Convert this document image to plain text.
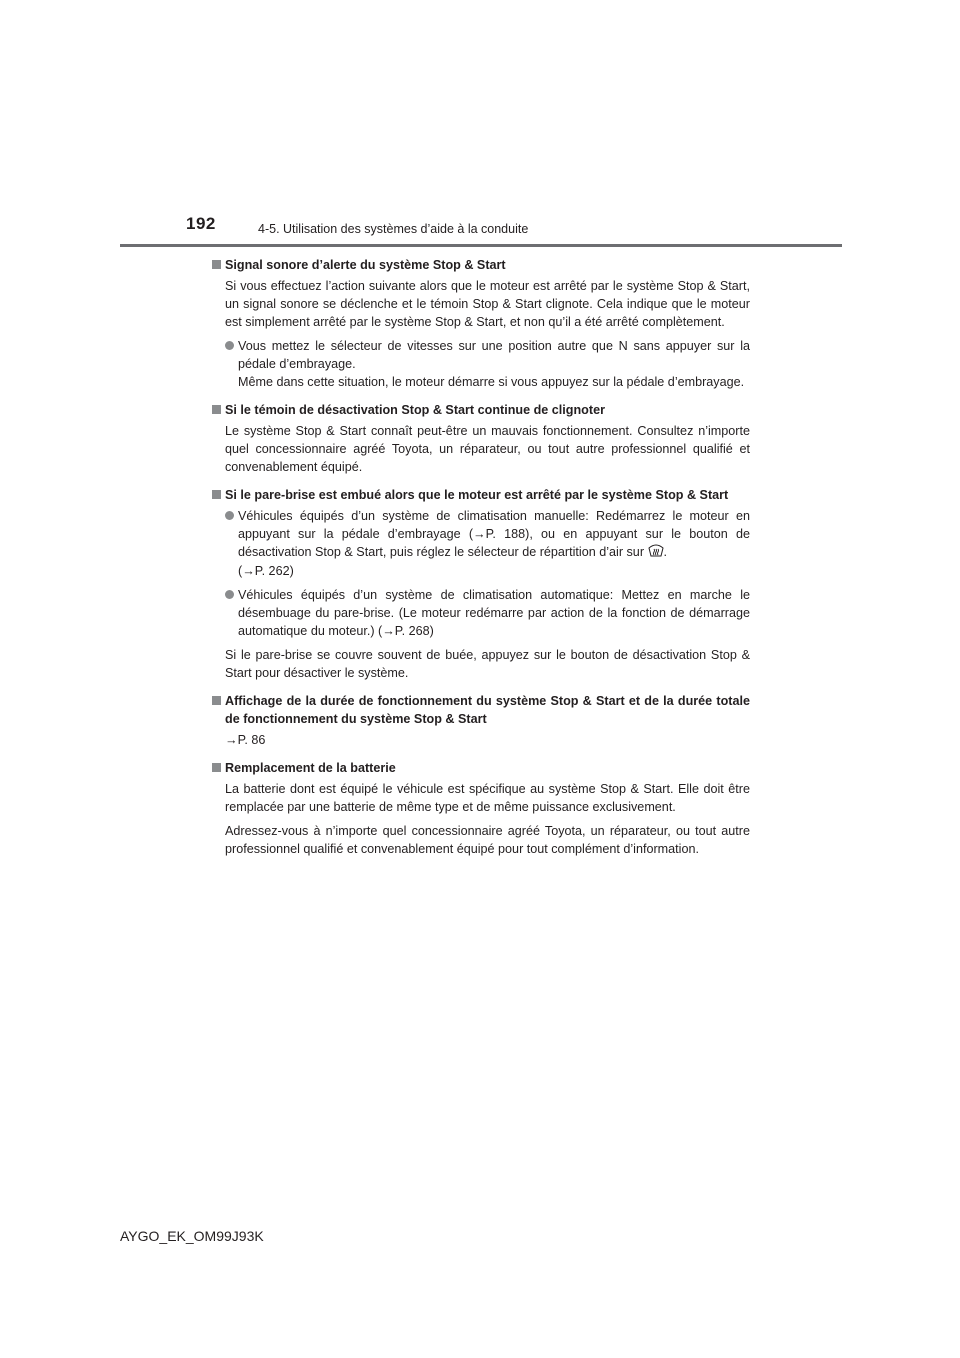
192	4-5. Utilisation des systèmes d’aide à la conduite
Signal sonore d’alerte du système Stop & Start
Si vous effectuez l’action suivante alors que le moteur est arrêté par le système Stop & Start, un signal sonore se déclenche et le témoin Stop & Start clignote. Cela indique que le moteur est simplement arrêté par le système Stop & Start, et non qu’il a été arrêté complètement.
Vous mettez le sélecteur de vitesses sur une position autre que N sans appuyer sur la pédale d’embrayage.
Même dans cette situation, le moteur démarre si vous appuyez sur la pédale d’embrayage.
Si le témoin de désactivation Stop & Start continue de clignoter
Le système Stop & Start connaît peut-être un mauvais fonctionnement. Consultez n’importe quel concessionnaire agréé Toyota, un réparateur, ou tout autre professionnel qualifié et convenablement équipé.
Si le pare-brise est embué alors que le moteur est arrêté par le système Stop & Start
Véhicules équipés d’un système de climatisation manuelle: Redémarrez le moteur en appuyant sur la pédale d’embrayage (→P. 188), ou en appuyant sur le bouton de désactivation Stop & Start, puis réglez le sélecteur de répartition d’air sur .
(→P. 262)
Véhicules équipés d’un système de climatisation automatique: Mettez en marche le désembuage du pare-brise. (Le moteur redémarre par action de la fonction de démarrage automatique du moteur.) (→P. 268)
Si le pare-brise se couvre souvent de buée, appuyez sur le bouton de désactivation Stop & Start pour désactiver le système.
Affichage de la durée de fonctionnement du système Stop & Start et de la durée totale de fonctionnement du système Stop & Start
→P. 86
Remplacement de la batterie
La batterie dont est équipé le véhicule est spécifique au système Stop & Start. Elle doit être remplacée par une batterie de même type et de même puissance exclusivement.
Adressez-vous à n’importe quel concessionnaire agréé Toyota, un réparateur, ou tout autre professionnel qualifié et convenablement équipé pour tout complément d’information.
AYGO_EK_OM99J93K
